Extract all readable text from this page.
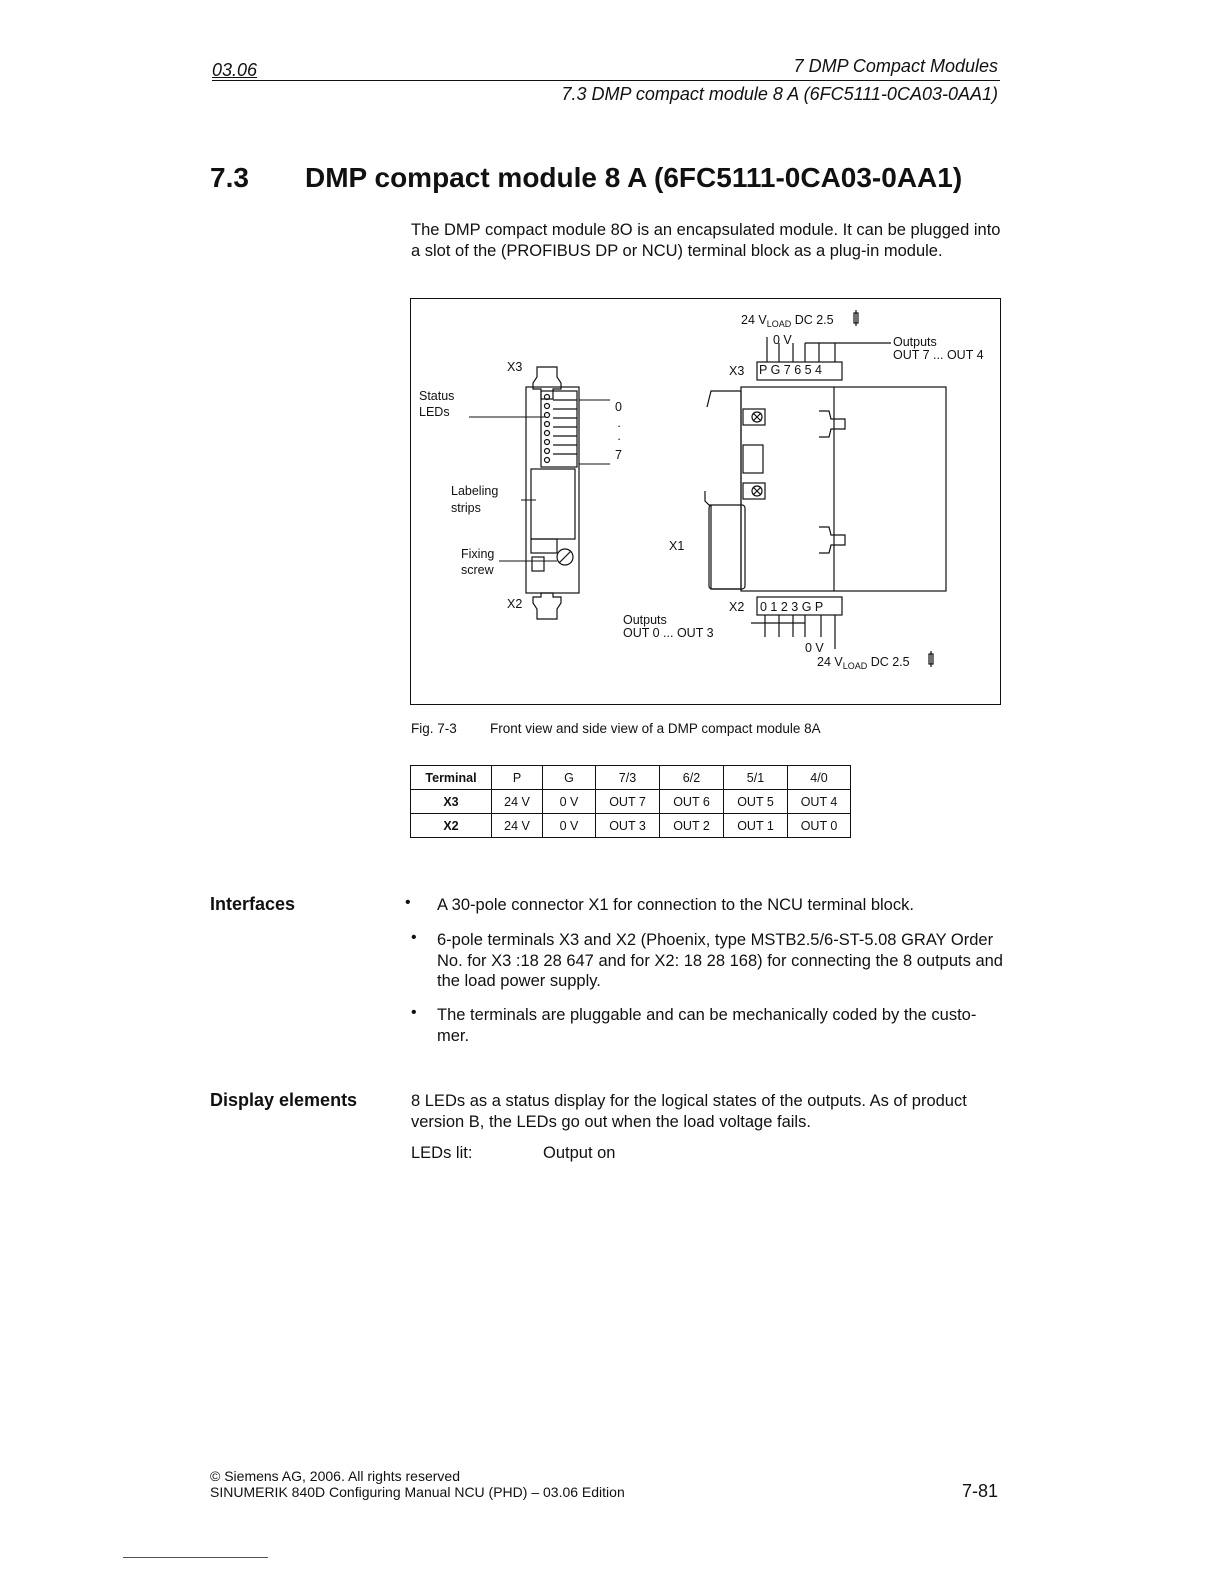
03.06	7 DMP Compact Modules
7.3 DMP compact module 8 A (6FC5111-0CA03-0AA1)
7.3 DMP compact module 8 A (6FC5111-0CA03-0AA1)
The DMP compact module 8O is an encapsulated module. It can be plugged into a slot of the (PROFIBUS DP or NCU) terminal block as a plug-in module.
X3
Status
LEDs	0
·
·
7
Labeling
strips
Fixing
screw
X2
X1
24 $V_{LOAD}$ DC 2.5
0 V	Outputs
OUT 7 ... OUT 4
X3 P G 7 6 5 4
X2 0 1 2 3 G P
Outputs
OUT 0 ... OUT 3
0 V
24 $V_{LOAD}$ DC 2.5
Fig. 7-3 Front view and side view of a DMP compact module 8A
Terminal	P	G	7/3	6/2	5/1	4/0
X3	24 V	0 V	OUT 7	OUT 6	OUT 5	OUT 4
X2	24 V	0 V	OUT 3	OUT 2	OUT 1	OUT 0
Interfaces	• A 30-pole connector X1 for connection to the NCU terminal block.
• 6-pole terminals X3 and X2 (Phoenix, type MSTB2.5/6-ST-5.08 GRAY Order No. for X3 :18 28 647 and for X2: 18 28 168) for connecting the 8 outputs and the load power supply.
• The terminals are pluggable and can be mechanically coded by the custo-mer.
Display elements	8 LEDs as a status display for the logical states of the outputs. As of product version B, the LEDs go out when the load voltage fails.
LEDs lit:	Output on
© Siemens AG, 2006. All rights reserved
SINUMERIK 840D Configuring Manual NCU (PHD) – 03.06 Edition	7-81
